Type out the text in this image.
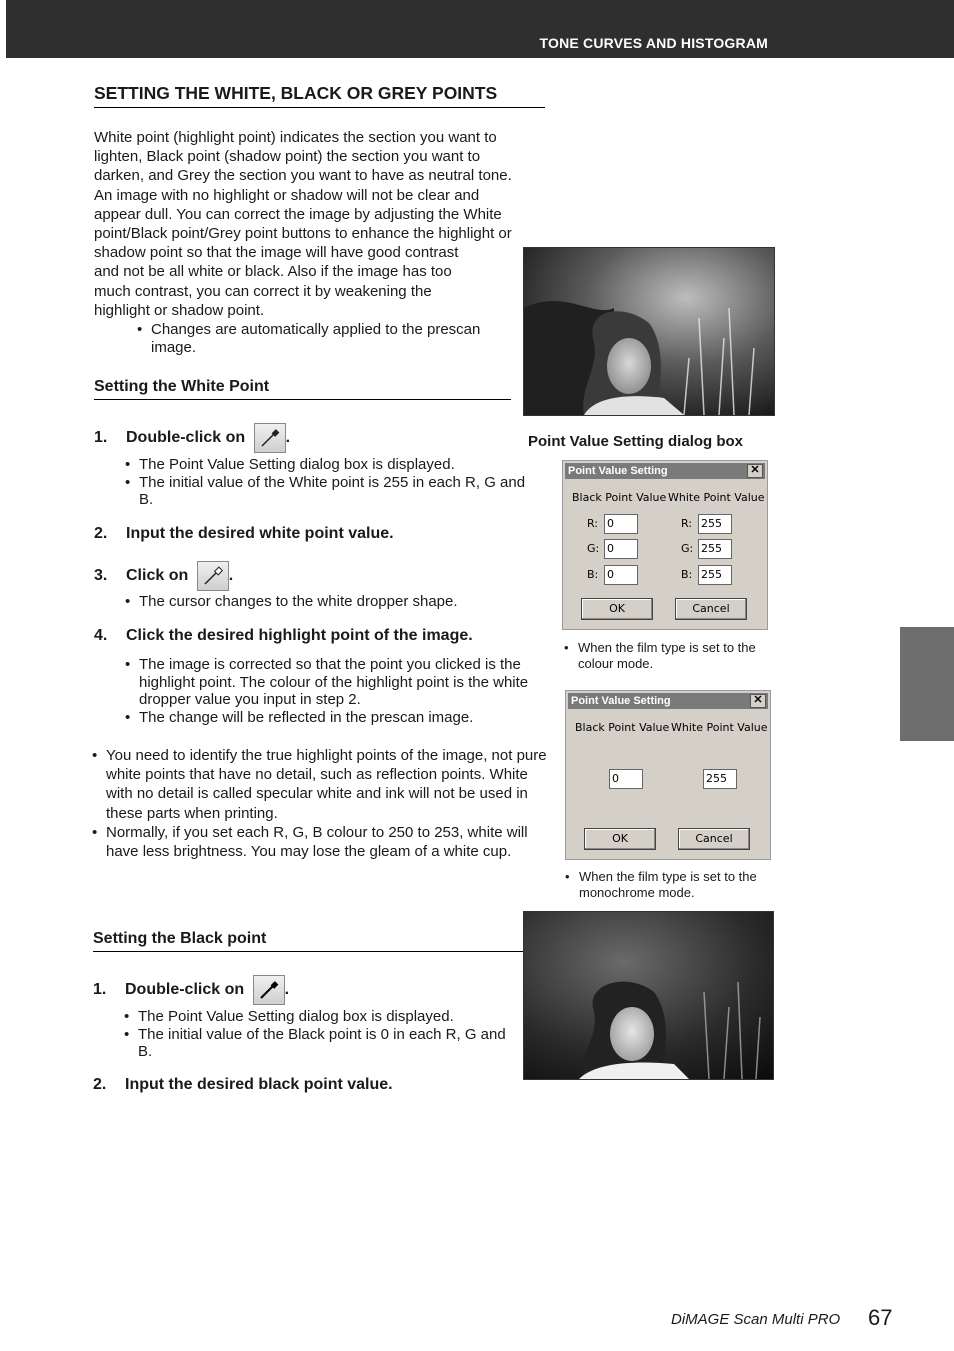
TONE CURVES AND HISTOGRAM
SETTING THE WHITE, BLACK OR GREY POINTS
White point (highlight point) indicates the section you want to
lighten, Black point (shadow point) the section you want to
darken, and Grey the section you want to have as neutral tone.
An image with no highlight or shadow will not be clear and
appear dull. You can correct the image by adjusting the White
point/Black point/Grey point buttons to enhance the highlight or
shadow point so that the image will have good contrast
and not be all white or black. Also if the image has too
much contrast, you can correct it by weakening the
highlight or shadow point.
• Changes are automatically applied to the prescan image.
Setting the White Point
1. Double-click on	.
• The Point Value Setting dialog box is displayed.
• The initial value of the White point is 255 in each R, G and B.
2. Input the desired white point value.
3. Click on	.
• The cursor changes to the white dropper shape.
4. Click the desired highlight point of the image.
• The image is corrected so that the point you clicked is the highlight point. The colour of the highlight point is the white dropper value you input in step 2.
• The change will be reflected in the prescan image.
• You need to identify the true highlight points of the image, not pure white points that have no detail, such as reflection points. White with no detail is called specular white and ink will not be used in these parts when printing.
• Normally, if you set each R, G, B colour to 250 to 253, white will have less brightness. You may lose the gleam of a white cup.
Point Value Setting dialog box
Point Value Setting	✕
Black Point Value White Point Value
R: 0	R: 255
G: 0	G: 255
B: 0	B: 255
OK	Cancel
• When the film type is set to the colour mode.
Point Value Setting	✕
Black Point Value White Point Value
0	255
OK	Cancel
• When the film type is set to the monochrome mode.
Setting the Black point
1. Double-click on	.
• The Point Value Setting dialog box is displayed.
• The initial value of the Black point is 0 in each R, G and B.
2. Input the desired black point value.
DiMAGE Scan Multi PRO 67
